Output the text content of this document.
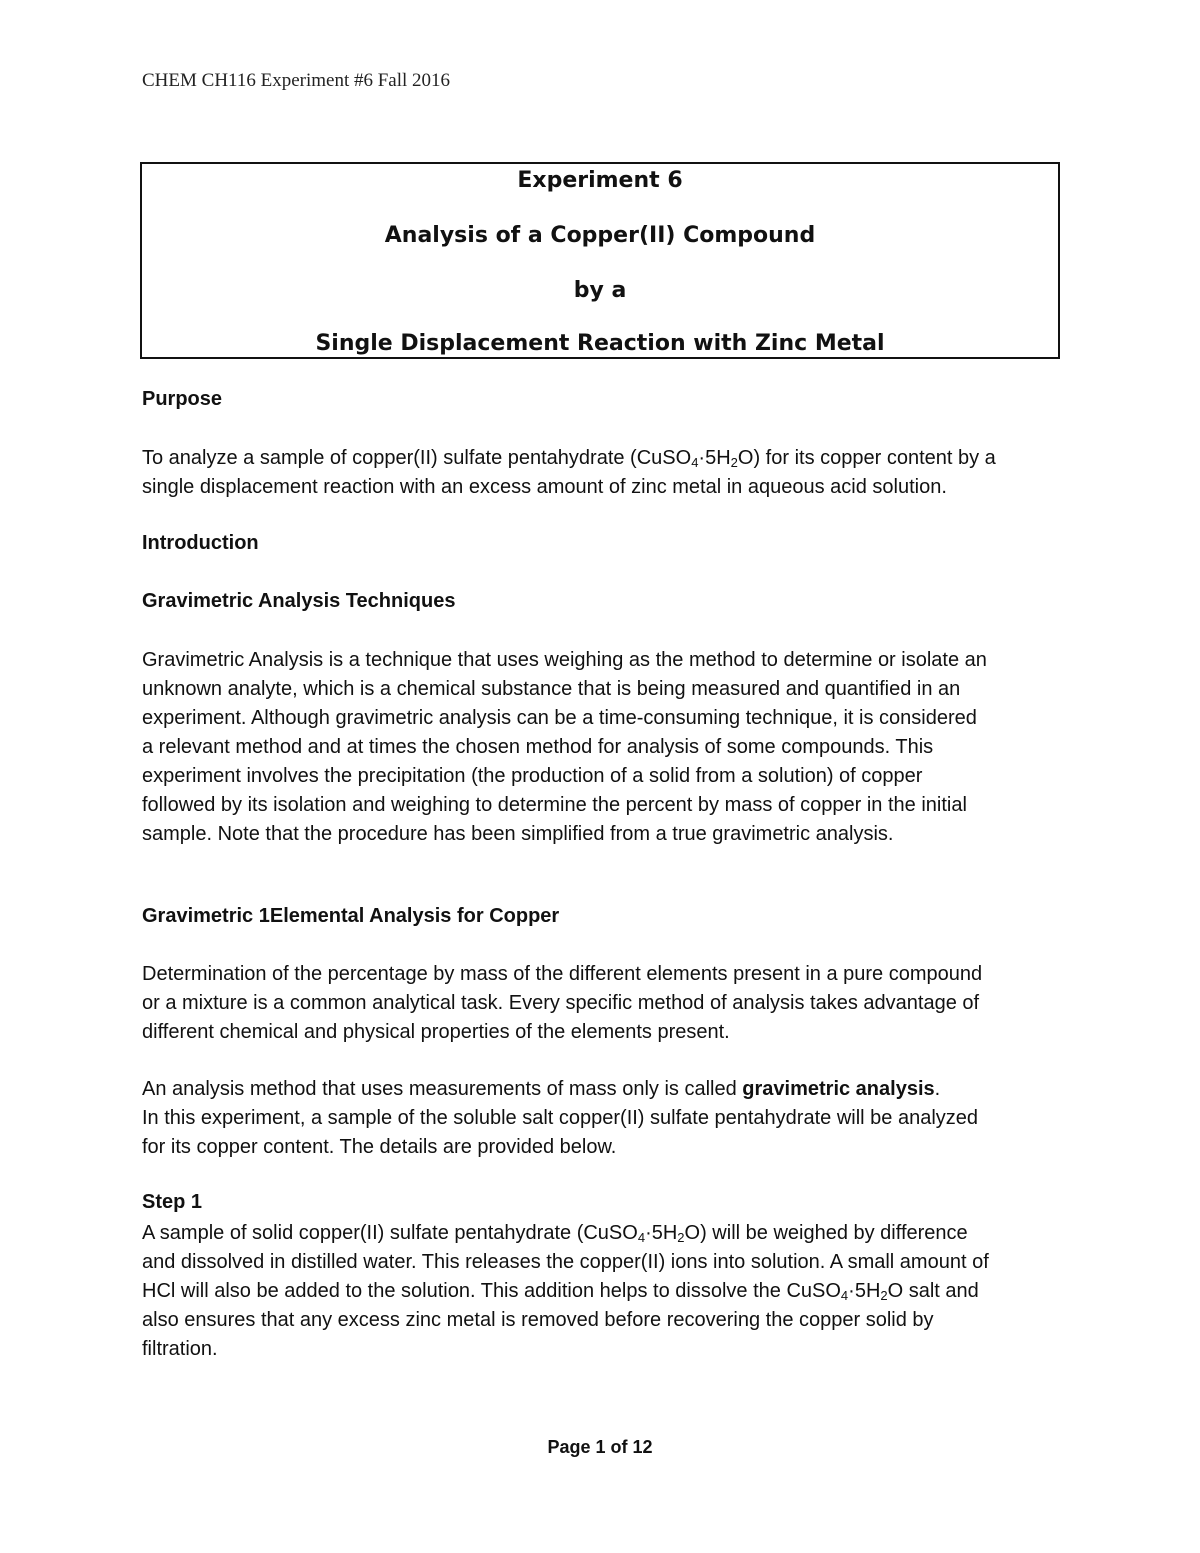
CHEM CH116 Experiment #6 Fall 2016
Experiment 6
Analysis of a Copper(II) Compound
by a
Single Displacement Reaction with Zinc Metal
Purpose
To analyze a sample of copper(II) sulfate pentahydrate $(CuSO_4\cdot 5H_2O)$ for its copper content by a
single displacement reaction with an excess amount of zinc metal in aqueous acid solution.
Introduction
Gravimetric Analysis Techniques
Gravimetric Analysis is a technique that uses weighing as the method to determine or isolate an
unknown analyte, which is a chemical substance that is being measured and quantified in an
experiment. Although gravimetric analysis can be a time-consuming technique, it is considered
a relevant method and at times the chosen method for analysis of some compounds. This
experiment involves the precipitation (the production of a solid from a solution) of copper
followed by its isolation and weighing to determine the percent by mass of copper in the initial
sample. Note that the procedure has been simplified from a true gravimetric analysis.
Gravimetric 1Elemental Analysis for Copper
Determination of the percentage by mass of the different elements present in a pure compound
or a mixture is a common analytical task. Every specific method of analysis takes advantage of
different chemical and physical properties of the elements present.
An analysis method that uses measurements of mass only is called gravimetric analysis.
In this experiment, a sample of the soluble salt copper(II) sulfate pentahydrate will be analyzed
for its copper content. The details are provided below.
Step 1
A sample of solid copper(II) sulfate pentahydrate $(CuSO_4\cdot 5H_2O)$ will be weighed by difference
and dissolved in distilled water. This releases the copper(II) ions into solution. A small amount of
HCl will also be added to the solution. This addition helps to dissolve the $CuSO_4\cdot 5H_2O$ salt and
also ensures that any excess zinc metal is removed before recovering the copper solid by
filtration.
Page 1 of 12
